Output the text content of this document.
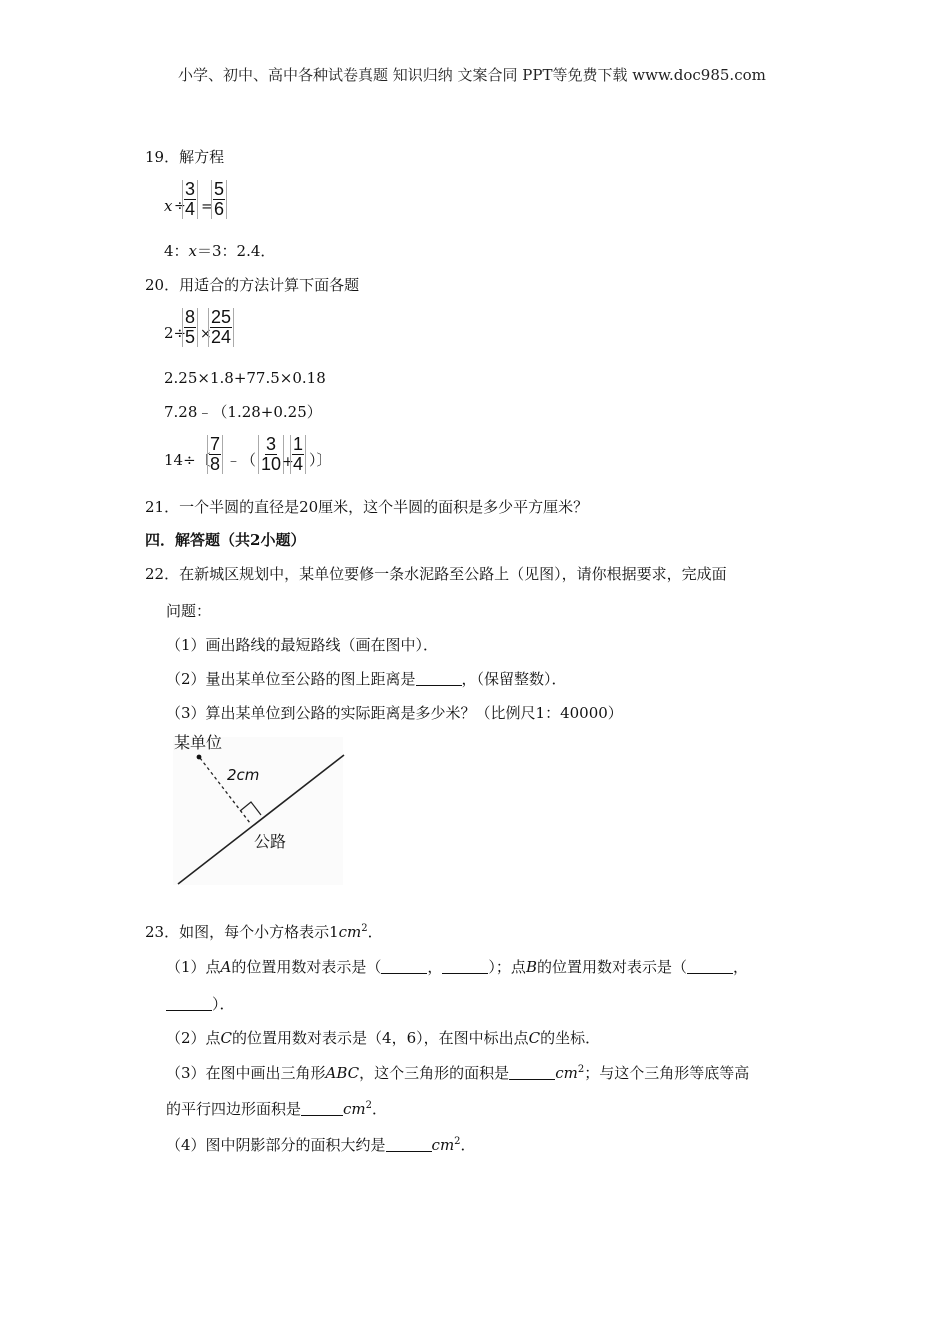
小学、初中、高中各种试卷真题 知识归纳 文案合同 PPT等免费下载 www.doc985.com
19．解方程
x ÷
$\frac{3}{4}$ =
$\frac{5}{6}$
4：x＝3：2.4．
20．用适合的方法计算下面各题
2÷
$\frac{8}{5}$ ×
$\frac{25}{24}$
2.25×1.8+77.5×0.18
7.28﹣（1.28+0.25）
14÷〔
$\frac{7}{8}$ ﹣（ $\frac{3}{10}$
+
$\frac{1}{4}$ ）〕
21．一个半圆的直径是20厘米，这个半圆的面积是多少平方厘米？
四．解答题（共2小题）
22．在新城区规划中，某单位要修一条水泥路至公路上（见图），请你根据要求，完成面
问题：
（1）画出路线的最短路线（画在图中）．
（2）量出某单位至公路的图上距离是	，（保留整数）．
（3）算出某单位到公路的实际距离是多少米？（比例尺1：40000）
某单位
2cm
公路
23．如图，每个小方格表示$1cm^2$．
（1）点A的位置用数对表示是（	，	）；点B的位置用数对表示是（	，
）．
（2）点C的位置用数对表示是（4，6），在图中标出点C的坐标．
（3）在图中画出三角形ABC，这个三角形的面积是	$cm^2$；与这个三角形等底等高
的平行四边形面积是	$cm^2$．
（4）图中阴影部分的面积大约是	$cm^2$．
